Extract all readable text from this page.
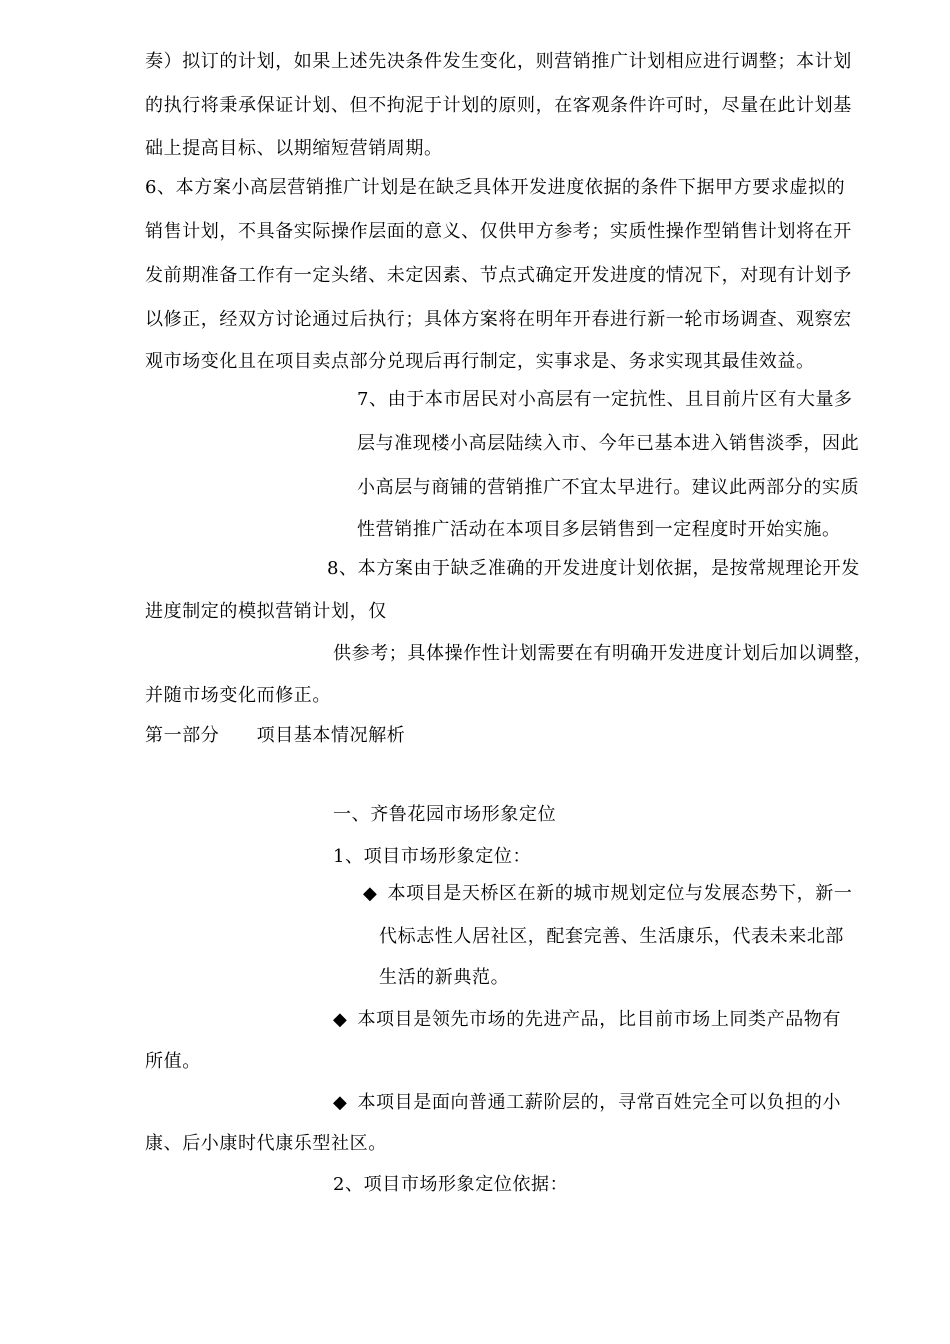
奏）拟订的计划，如果上述先决条件发生变化，则营销推广计划相应进行调整；本计划
的执行将秉承保证计划、但不拘泥于计划的原则，在客观条件许可时，尽量在此计划基
础上提高目标、以期缩短营销周期。
6、本方案小高层营销推广计划是在缺乏具体开发进度依据的条件下据甲方要求虚拟的
销售计划，不具备实际操作层面的意义、仅供甲方参考；实质性操作型销售计划将在开
发前期准备工作有一定头绪、未定因素、节点式确定开发进度的情况下，对现有计划予
以修正，经双方讨论通过后执行；具体方案将在明年开春进行新一轮市场调查、观察宏
观市场变化且在项目卖点部分兑现后再行制定，实事求是、务求实现其最佳效益。
7、由于本市居民对小高层有一定抗性、且目前片区有大量多
层与准现楼小高层陆续入市、今年已基本进入销售淡季，因此
小高层与商铺的营销推广不宜太早进行。建议此两部分的实质
性营销推广活动在本项目多层销售到一定程度时开始实施。
8、本方案由于缺乏准确的开发进度计划依据，是按常规理论开发
进度制定的模拟营销计划，仅
供参考；具体操作性计划需要在有明确开发进度计划后加以调整，
并随市场变化而修正。
第一部分　　项目基本情况解析
一、齐鲁花园市场形象定位
1、项目市场形象定位：
◆ 本项目是天桥区在新的城市规划定位与发展态势下，新一
代标志性人居社区，配套完善、生活康乐，代表未来北部
生活的新典范。
◆ 本项目是领先市场的先进产品，比目前市场上同类产品物有
所值。
◆ 本项目是面向普通工薪阶层的，寻常百姓完全可以负担的小
康、后小康时代康乐型社区。
2、项目市场形象定位依据：
